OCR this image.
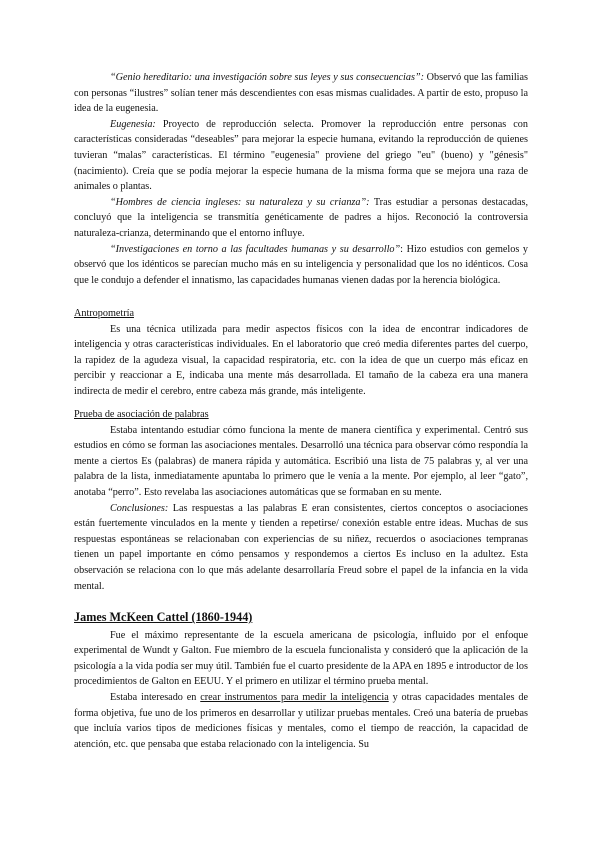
“Genio hereditario: una investigación sobre sus leyes y sus consecuencias”: Observó que las familias con personas “ilustres” solían tener más descendientes con esas mismas cualidades. A partir de esto, propuso la idea de la eugenesia.

Eugenesia: Proyecto de reproducción selecta. Promover la reproducción entre personas con características consideradas “deseables” para mejorar la especie humana, evitando la reproducción de quienes tuvieran “malas” características. El término "eugenesia" proviene del griego "eu" (bueno) y "génesis" (nacimiento). Creía que se podía mejorar la especie humana de la misma forma que se mejora una raza de animales o plantas.

“Hombres de ciencia ingleses: su naturaleza y su crianza”: Tras estudiar a personas destacadas, concluyó que la inteligencia se transmitía genéticamente de padres a hijos. Reconoció la controversia naturaleza-crianza, determinando que el entorno influye.

“Investigaciones en torno a las facultades humanas y su desarrollo”: Hizo estudios con gemelos y observó que los idénticos se parecían mucho más en su inteligencia y personalidad que los no idénticos. Cosa que le condujo a defender el innatismo, las capacidades humanas vienen dadas por la herencia biológica.

Antropometría

Es una técnica utilizada para medir aspectos físicos con la idea de encontrar indicadores de inteligencia y otras características individuales. En el laboratorio que creó media diferentes partes del cuerpo, la rapidez de la agudeza visual, la capacidad respiratoria, etc. con la idea de que un cuerpo más eficaz en percibir y reaccionar a E, indicaba una mente más desarrollada. El tamaño de la cabeza era una manera indirecta de medir el cerebro, entre cabeza más grande, más inteligente.

Prueba de asociación de palabras

Estaba intentando estudiar cómo funciona la mente de manera científica y experimental. Centró sus estudios en cómo se forman las asociaciones mentales. Desarrolló una técnica para observar cómo respondía la mente a ciertos Es (palabras) de manera rápida y automática. Escribió una lista de 75 palabras y, al ver una palabra de la lista, inmediatamente apuntaba lo primero que le venía a la mente. Por ejemplo, al leer “gato”, anotaba “perro”. Esto revelaba las asociaciones automáticas que se formaban en su mente.

Conclusiones: Las respuestas a las palabras E eran consistentes, ciertos conceptos o asociaciones están fuertemente vinculados en la mente y tienden a repetirse/ conexión estable entre ideas. Muchas de sus respuestas espontáneas se relacionaban con experiencias de su niñez, recuerdos o asociaciones tempranas tienen un papel importante en cómo pensamos y respondemos a ciertos Es incluso en la adultez. Esta observación se relaciona con lo que más adelante desarrollaría Freud sobre el papel de la infancia en la vida mental.

James McKeen Cattel (1860-1944)

Fue el máximo representante de la escuela americana de psicología, influido por el enfoque experimental de Wundt y Galton. Fue miembro de la escuela funcionalista y consideró que la aplicación de la psicología a la vida podía ser muy útil. También fue el cuarto presidente de la APA en 1895 e introductor de los procedimientos de Galton en EEUU. Y el primero en utilizar el término prueba mental.

Estaba interesado en crear instrumentos para medir la inteligencia y otras capacidades mentales de forma objetiva, fue uno de los primeros en desarrollar y utilizar pruebas mentales. Creó una batería de pruebas que incluía varios tipos de mediciones físicas y mentales, como el tiempo de reacción, la capacidad de atención, etc. que pensaba que estaba relacionado con la inteligencia. Su
